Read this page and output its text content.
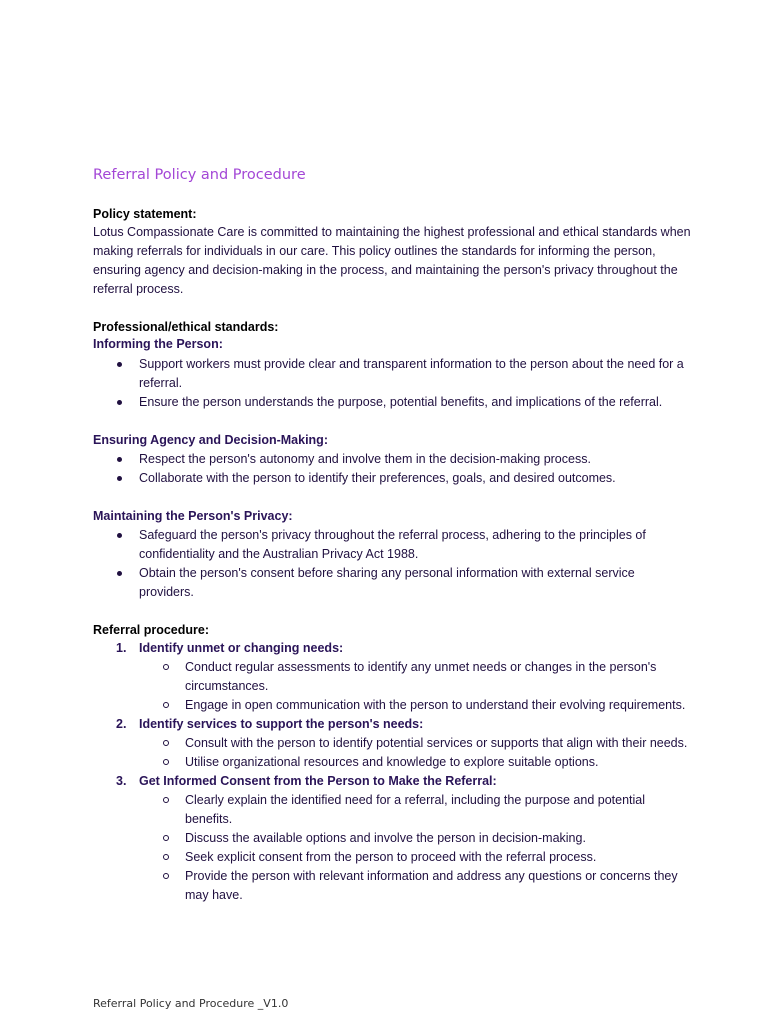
Referral Policy and Procedure

Policy statement:

Lotus Compassionate Care is committed to maintaining the highest professional and ethical standards when making referrals for individuals in our care. This policy outlines the standards for informing the person, ensuring agency and decision-making in the process, and maintaining the person's privacy throughout the referral process.

Professional/ethical standards:

Informing the Person:

Support workers must provide clear and transparent information to the person about the need for a referral.
Ensure the person understands the purpose, potential benefits, and implications of the referral.

Ensuring Agency and Decision-Making:

Respect the person's autonomy and involve them in the decision-making process.
Collaborate with the person to identify their preferences, goals, and desired outcomes.

Maintaining the Person's Privacy:

Safeguard the person's privacy throughout the referral process, adhering to the principles of confidentiality and the Australian Privacy Act 1988.
Obtain the person's consent before sharing any personal information with external service providers.

Referral procedure:

1. Identify unmet or changing needs:
Conduct regular assessments to identify any unmet needs or changes in the person's circumstances.
Engage in open communication with the person to understand their evolving requirements.
2. Identify services to support the person's needs:
Consult with the person to identify potential services or supports that align with their needs.
Utilise organizational resources and knowledge to explore suitable options.
3. Get Informed Consent from the Person to Make the Referral:
Clearly explain the identified need for a referral, including the purpose and potential benefits.
Discuss the available options and involve the person in decision-making.
Seek explicit consent from the person to proceed with the referral process.
Provide the person with relevant information and address any questions or concerns they may have.
Referral Policy and Procedure _V1.0
